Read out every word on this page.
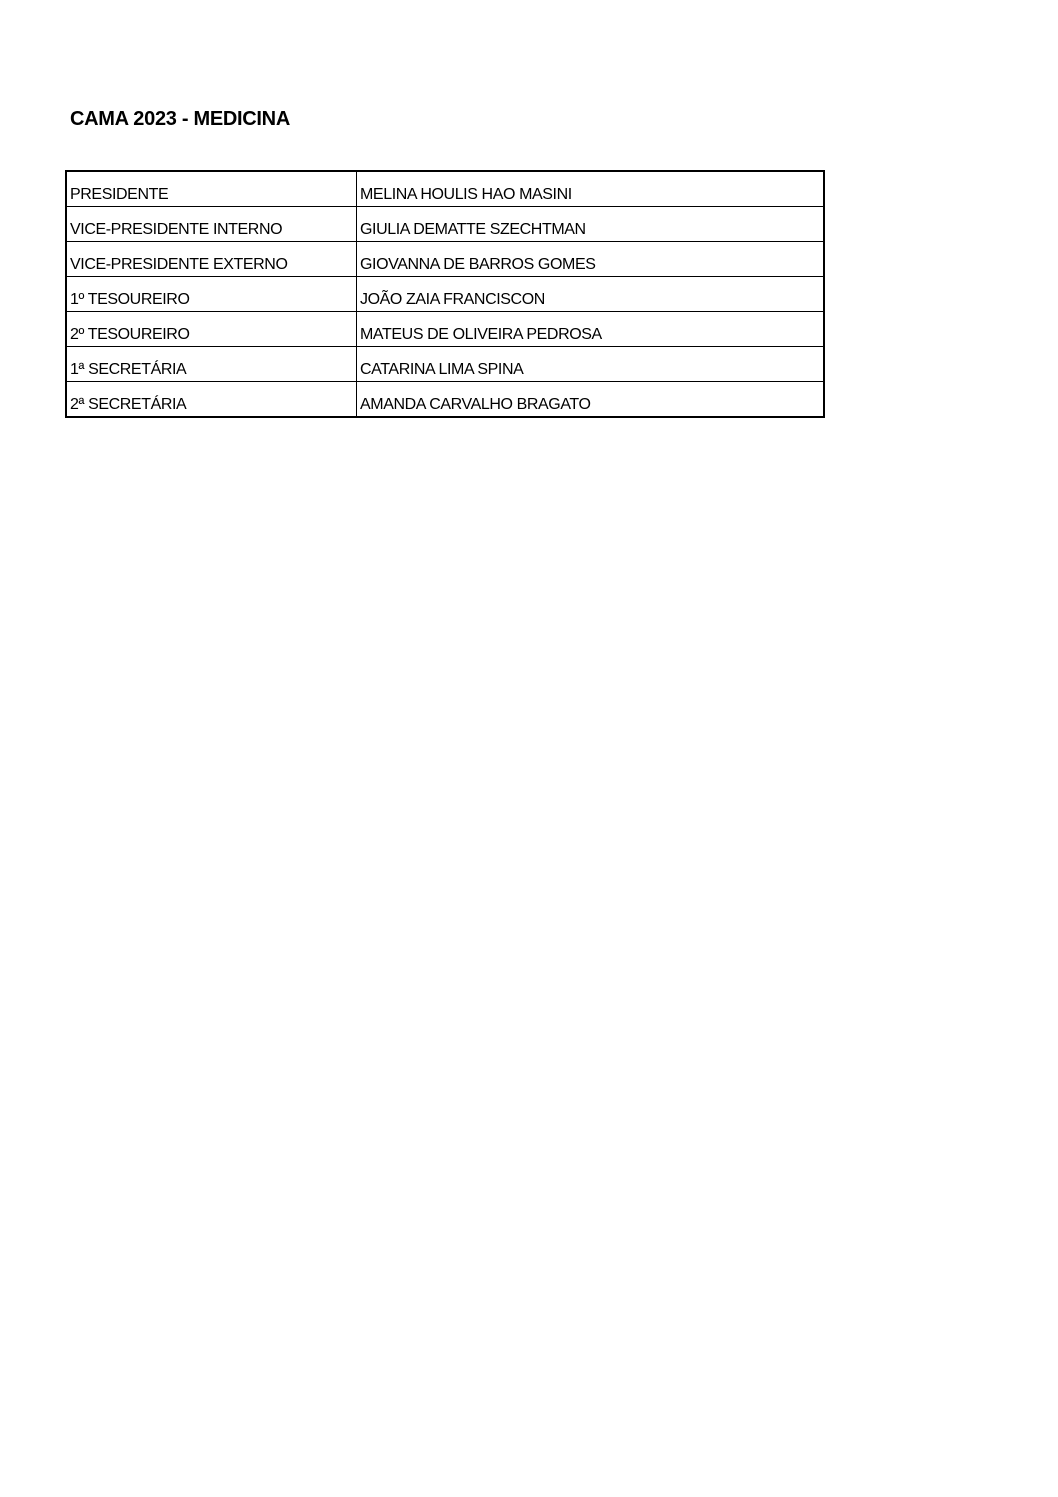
CAMA 2023 - MEDICINA
PRESIDENTE	MELINA HOULIS HAO MASINI
VICE-PRESIDENTE INTERNO	GIULIA DEMATTE SZECHTMAN
VICE-PRESIDENTE EXTERNO	GIOVANNA DE BARROS GOMES
1º TESOUREIRO	JOÃO ZAIA FRANCISCON
2º TESOUREIRO	MATEUS DE OLIVEIRA PEDROSA
1ª SECRETÁRIA	CATARINA LIMA SPINA
2ª SECRETÁRIA	AMANDA CARVALHO BRAGATO
